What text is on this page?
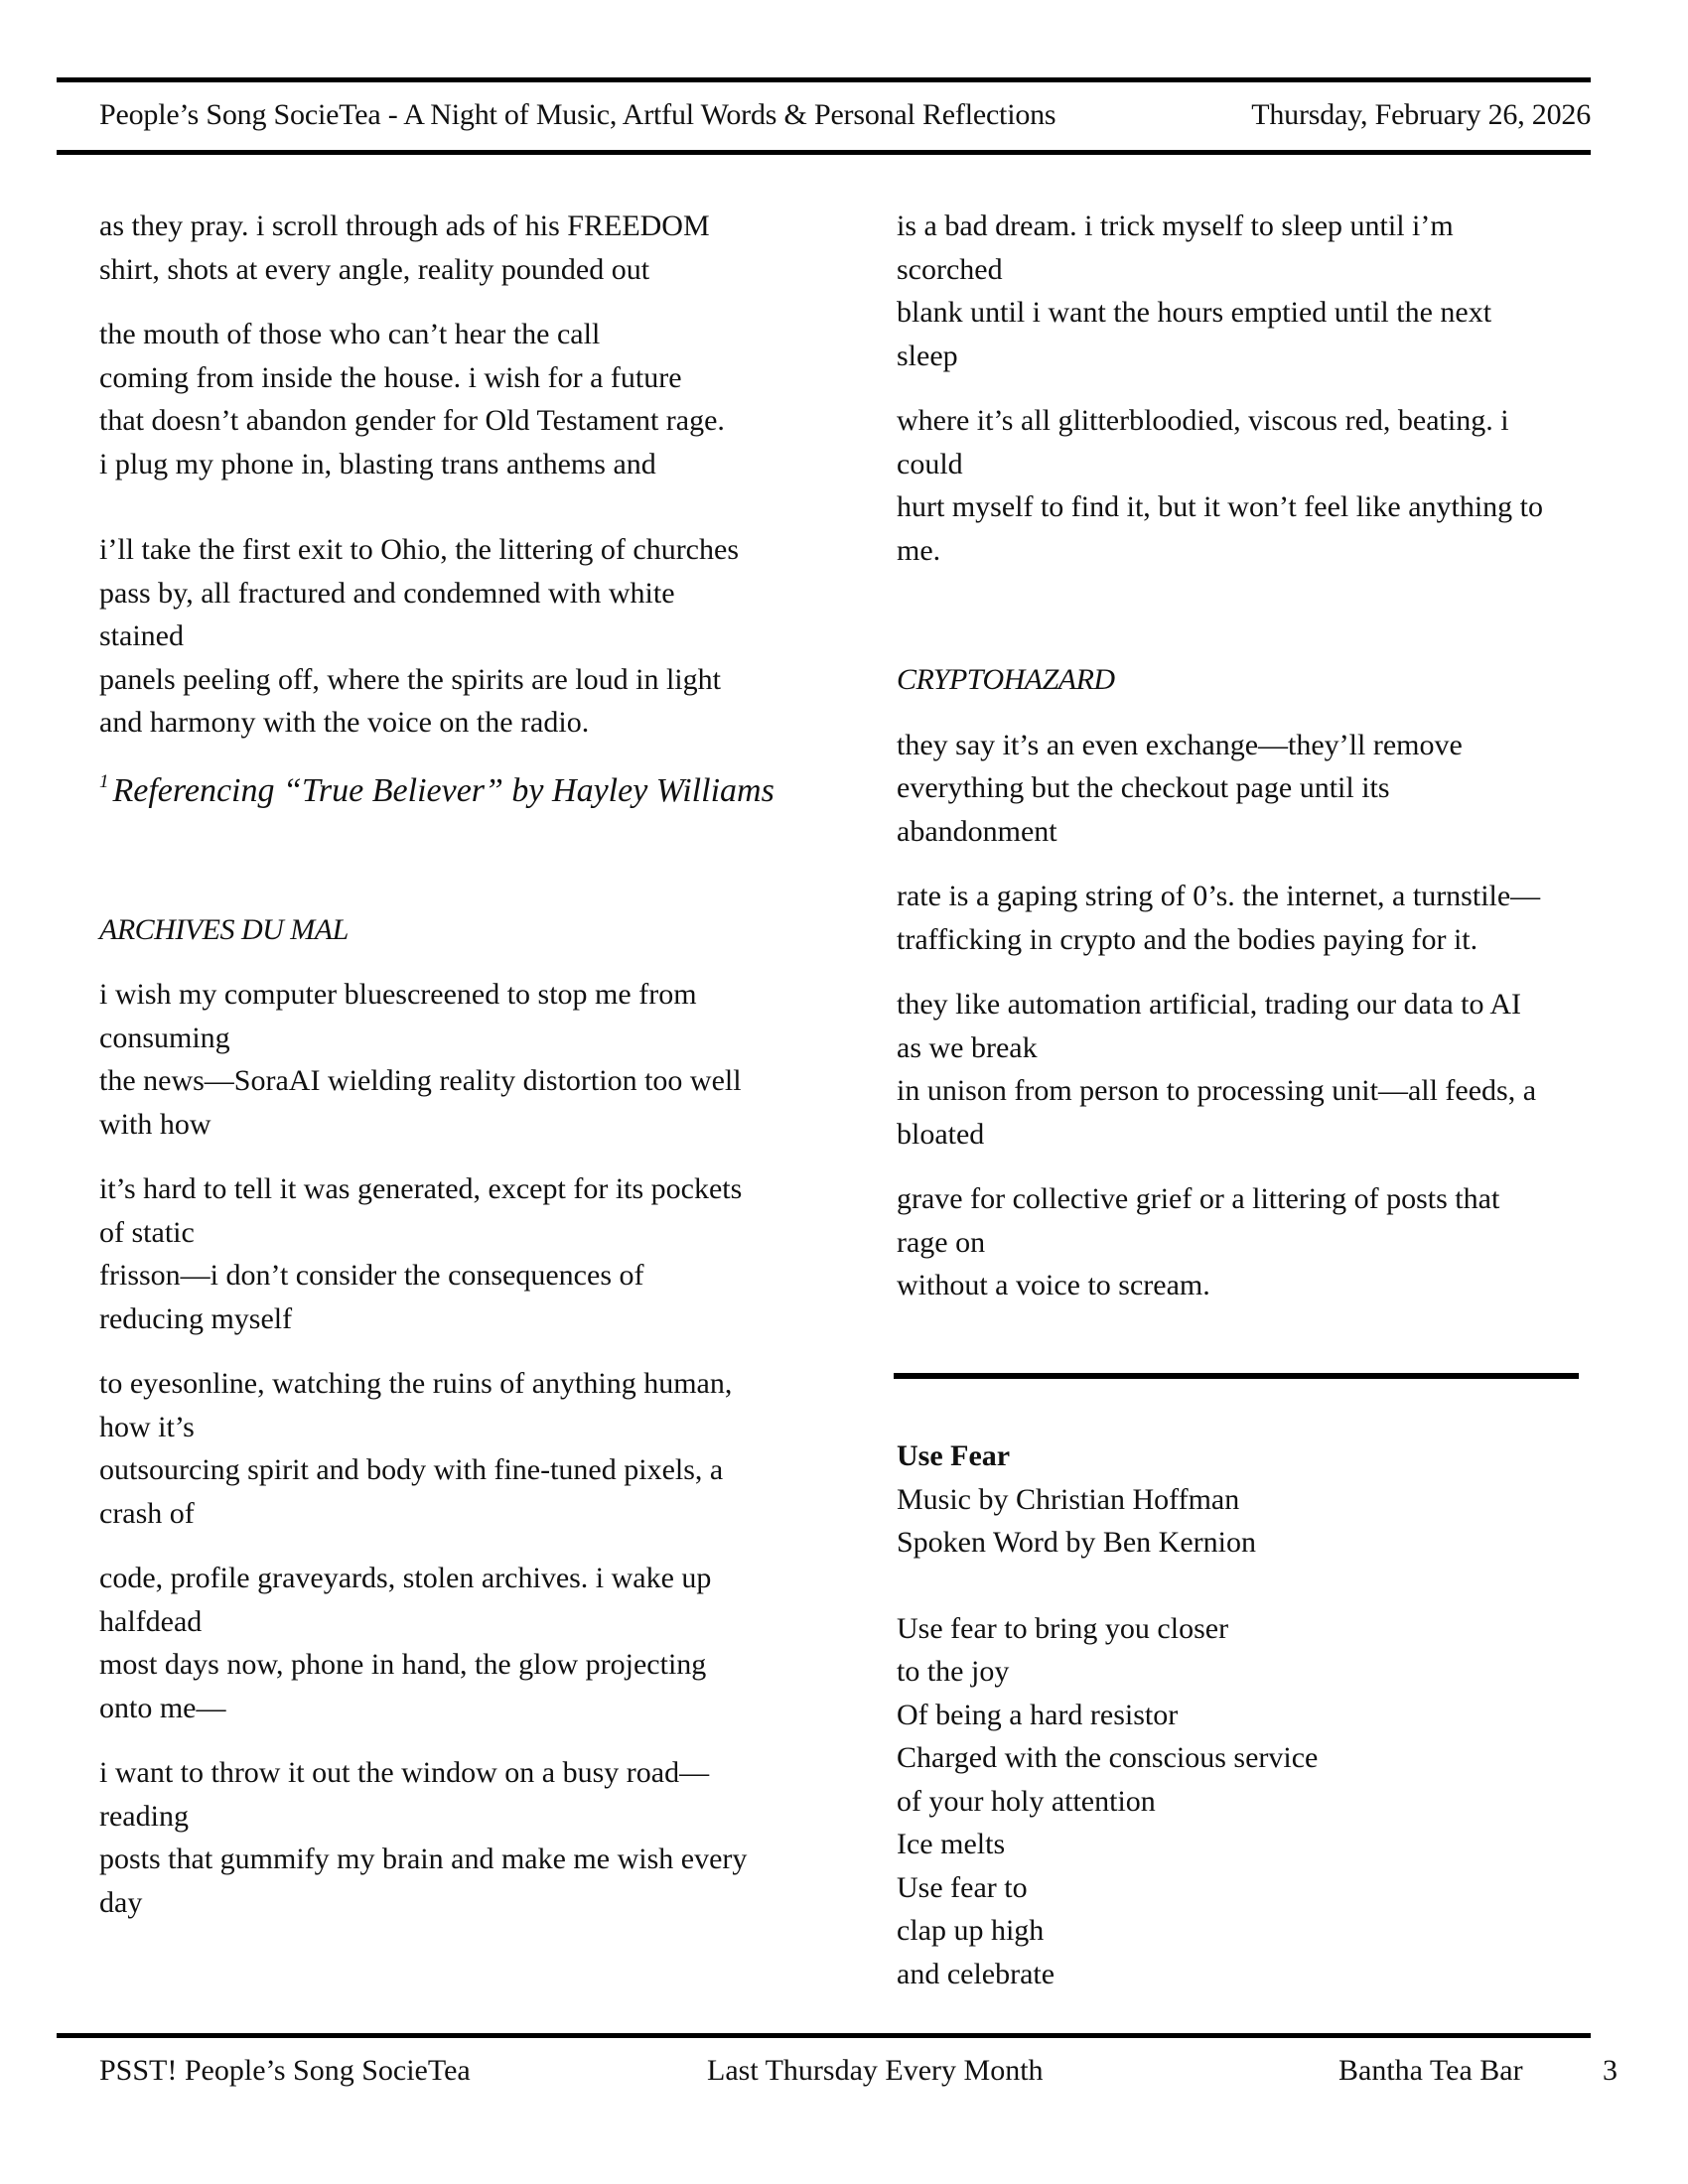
People’s Song SocieTea - A Night of Music, Artful Words & Personal Reflections	Thursday, February 26, 2026
as they pray. i scroll through ads of his FREEDOM
shirt, shots at every angle, reality pounded out
the mouth of those who can’t hear the call
coming from inside the house. i wish for a future
that doesn’t abandon gender for Old Testament rage.
i plug my phone in, blasting trans anthems and
i’ll take the first exit to Ohio, the littering of churches
pass by, all fractured and condemned with white
stained
panels peeling off, where the spirits are loud in light
and harmony with the voice on the radio.
$^1$ Referencing “True Believer” by Hayley Williams
ARCHIVES DU MAL
i wish my computer bluescreened to stop me from
consuming
the news—SoraAI wielding reality distortion too well
with how
it’s hard to tell it was generated, except for its pockets
of static
frisson—i don’t consider the consequences of
reducing myself
to eyesonline, watching the ruins of anything human,
how it’s
outsourcing spirit and body with fine-tuned pixels, a
crash of
code, profile graveyards, stolen archives. i wake up
halfdead
most days now, phone in hand, the glow projecting
onto me—
i want to throw it out the window on a busy road—
reading
posts that gummify my brain and make me wish every
day
is a bad dream. i trick myself to sleep until i’m
scorched
blank until i want the hours emptied until the next
sleep
where it’s all glitterbloodied, viscous red, beating. i
could
hurt myself to find it, but it won’t feel like anything to
me.
CRYPTOHAZARD
they say it’s an even exchange—they’ll remove
everything but the checkout page until its
abandonment
rate is a gaping string of 0’s. the internet, a turnstile—
trafficking in crypto and the bodies paying for it.
they like automation artificial, trading our data to AI
as we break
in unison from person to processing unit—all feeds, a
bloated
grave for collective grief or a littering of posts that
rage on
without a voice to scream.
Use Fear
Music by Christian Hoffman
Spoken Word by Ben Kernion
Use fear to bring you closer
to the joy
Of being a hard resistor
Charged with the conscious service
of your holy attention
Ice melts
Use fear to
clap up high
and celebrate
PSST! People’s Song SocieTea	Last Thursday Every Month	Bantha Tea Bar	3
